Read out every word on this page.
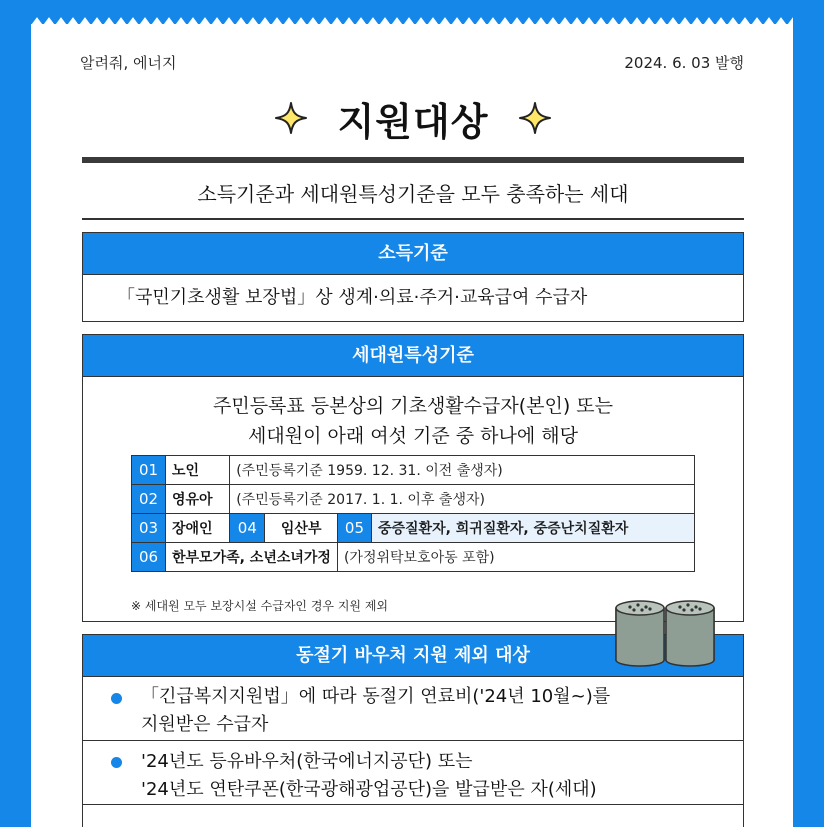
알려줘, 에너지	2024. 6. 03 발행
지원대상
소득기준과 세대원특성기준을 모두 충족하는 세대
소득기준
「국민기초생활 보장법」상 생계·의료·주거·교육급여 수급자
세대원특성기준
주민등록표 등본상의 기초생활수급자(본인) 또는
세대원이 아래 여섯 기준 중 하나에 해당
01	노인	(주민등록기준 1959. 12. 31. 이전 출생자)			
02	영유아	(주민등록기준 2017. 1. 1. 이후 출생자)			
03	장애인	04	임산부	05	중증질환자, 희귀질환자, 중증난치질환자
06	한부모가족, 소년소녀가정			(가정위탁보호아동 포함)	
※ 세대원 모두 보장시설 수급자인 경우 지원 제외
동절기 바우처 지원 제외 대상
「긴급복지지원법」에 따라 동절기 연료비('24년 10월~)를
지원받은 수급자
'24년도 등유바우처(한국에너지공단) 또는
'24년도 연탄쿠폰(한국광해광업공단)을 발급받은 자(세대)
